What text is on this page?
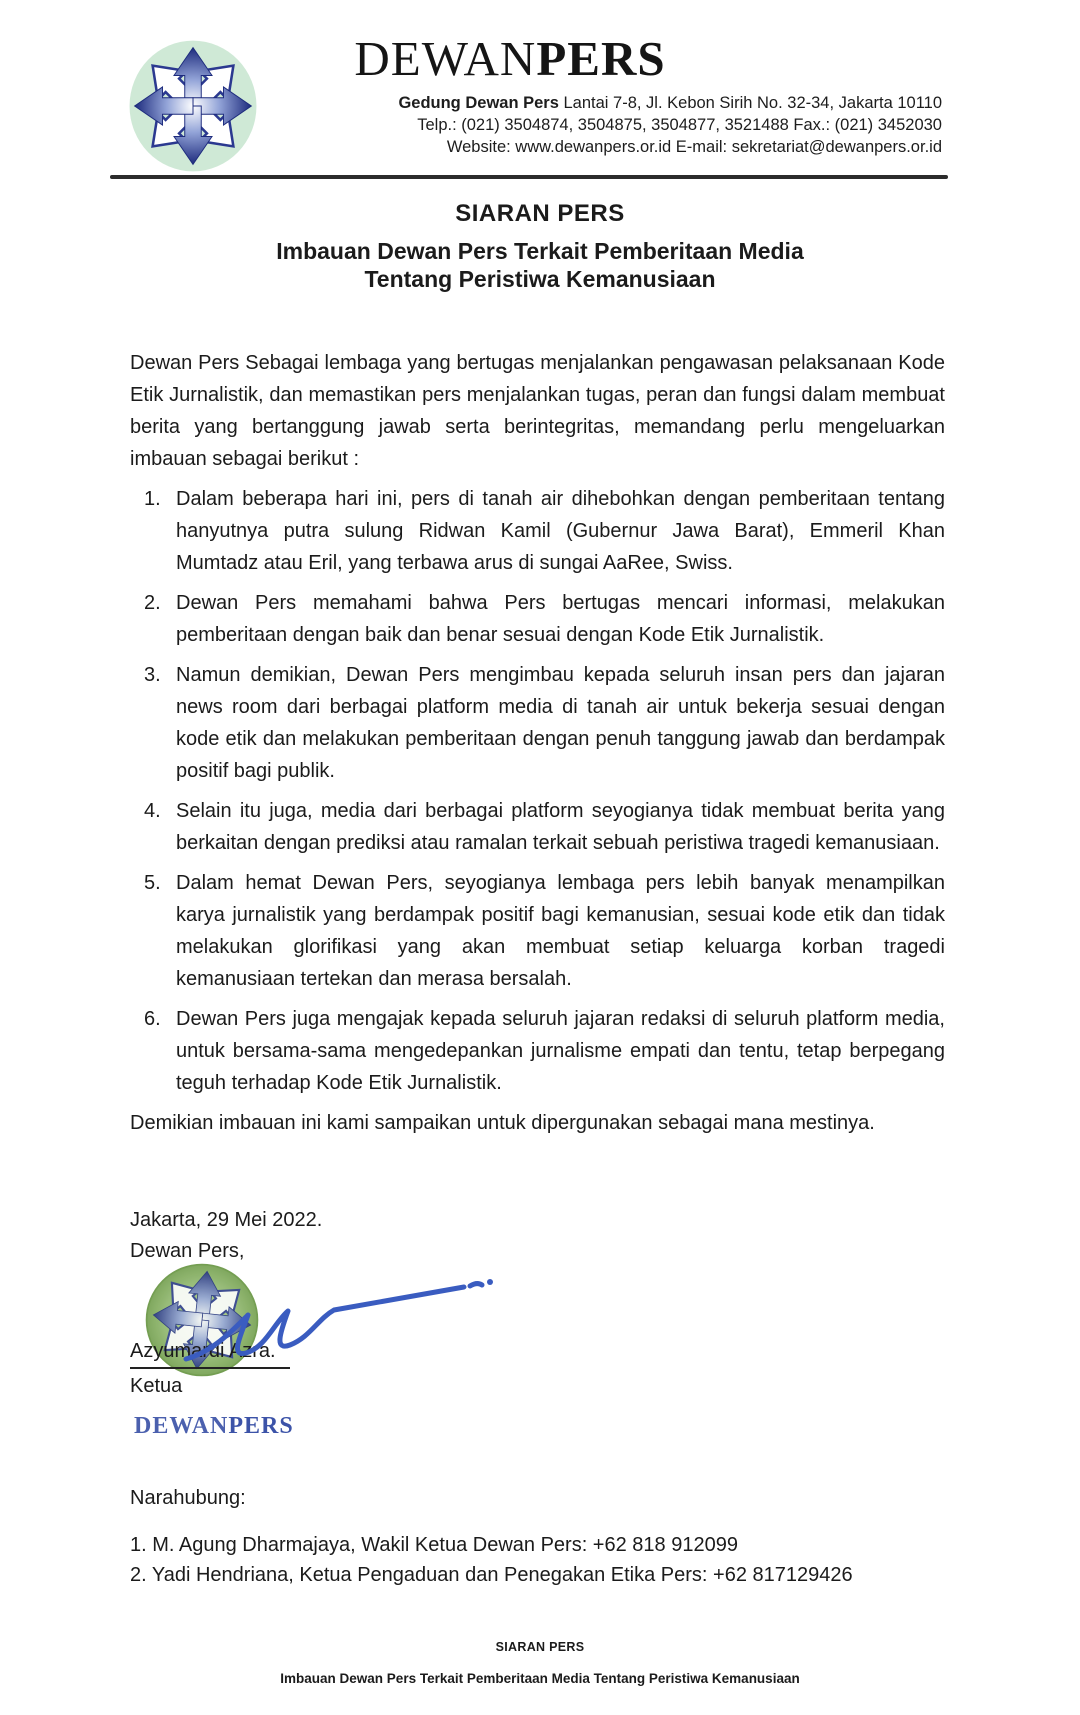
DEWANPERS
Gedung Dewan Pers Lantai 7-8, Jl. Kebon Sirih No. 32-34, Jakarta 10110
Telp.: (021) 3504874, 3504875, 3504877, 3521488 Fax.: (021) 3452030
Website: www.dewanpers.or.id E-mail: sekretariat@dewanpers.or.id
SIARAN PERS
Imbauan Dewan Pers Terkait Pemberitaan Media
Tentang Peristiwa Kemanusiaan

Dewan Pers Sebagai lembaga yang bertugas menjalankan pengawasan pelaksanaan Kode Etik Jurnalistik, dan memastikan pers menjalankan tugas, peran dan fungsi dalam membuat berita yang bertanggung jawab serta berintegritas, memandang perlu mengeluarkan imbauan sebagai berikut :

Dalam beberapa hari ini, pers di tanah air dihebohkan dengan pemberitaan tentang hanyutnya putra sulung Ridwan Kamil (Gubernur Jawa Barat), Emmeril Khan Mumtadz atau Eril, yang terbawa arus di sungai AaRee, Swiss.
Dewan Pers memahami bahwa Pers bertugas mencari informasi, melakukan pemberitaan dengan baik dan benar sesuai dengan Kode Etik Jurnalistik.
Namun demikian, Dewan Pers mengimbau kepada seluruh insan pers dan jajaran news room dari berbagai platform media di tanah air untuk bekerja sesuai dengan kode etik dan melakukan pemberitaan dengan penuh tanggung jawab dan berdampak positif bagi publik.
Selain itu juga, media dari berbagai platform seyogianya tidak membuat berita yang berkaitan dengan prediksi atau ramalan terkait sebuah peristiwa tragedi kemanusiaan.
Dalam hemat Dewan Pers, seyogianya lembaga pers lebih banyak menampilkan karya jurnalistik yang berdampak positif bagi kemanusian, sesuai kode etik dan tidak melakukan glorifikasi yang akan membuat setiap keluarga korban tragedi kemanusiaan tertekan dan merasa bersalah.
Dewan Pers juga mengajak kepada seluruh jajaran redaksi di seluruh platform media, untuk bersama-sama mengedepankan jurnalisme empati dan tentu, tetap berpegang teguh terhadap Kode Etik Jurnalistik.

Demikian imbauan ini kami sampaikan untuk dipergunakan sebagai mana mestinya.

Jakarta, 29 Mei 2022.
Dewan Pers,
Azyumardi Azra.
Ketua
DEWANPERS

Narahubung:

1. M. Agung Dharmajaya, Wakil Ketua Dewan Pers: +62 818 912099

2. Yadi Hendriana, Ketua Pengaduan dan Penegakan Etika Pers: +62 817129426

SIARAN PERS
Imbauan Dewan Pers Terkait Pemberitaan Media Tentang Peristiwa Kemanusiaan
